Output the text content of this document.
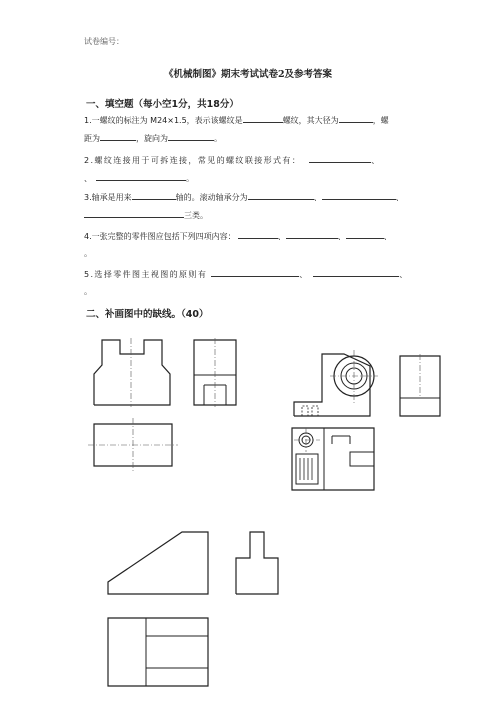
试卷编号：
《机械制图》期末考试试卷2及参考答案
一、填空题（每小空1分，共18分）
1.一螺纹的标注为 M24×1.5，表示该螺纹是	螺纹，其大径为	，螺
距为	，旋向为	。
2.螺纹连接用于可拆连接，常见的螺纹联接形式有：	、
、	。
3.轴承是用来	轴的。滚动轴承分为	、	、
三类。
4.一张完整的零件图应包括下列四项内容：	、	、	、
。
5.选择零件图主视图的原则有	、	、
。
二、补画图中的缺线。（40）
